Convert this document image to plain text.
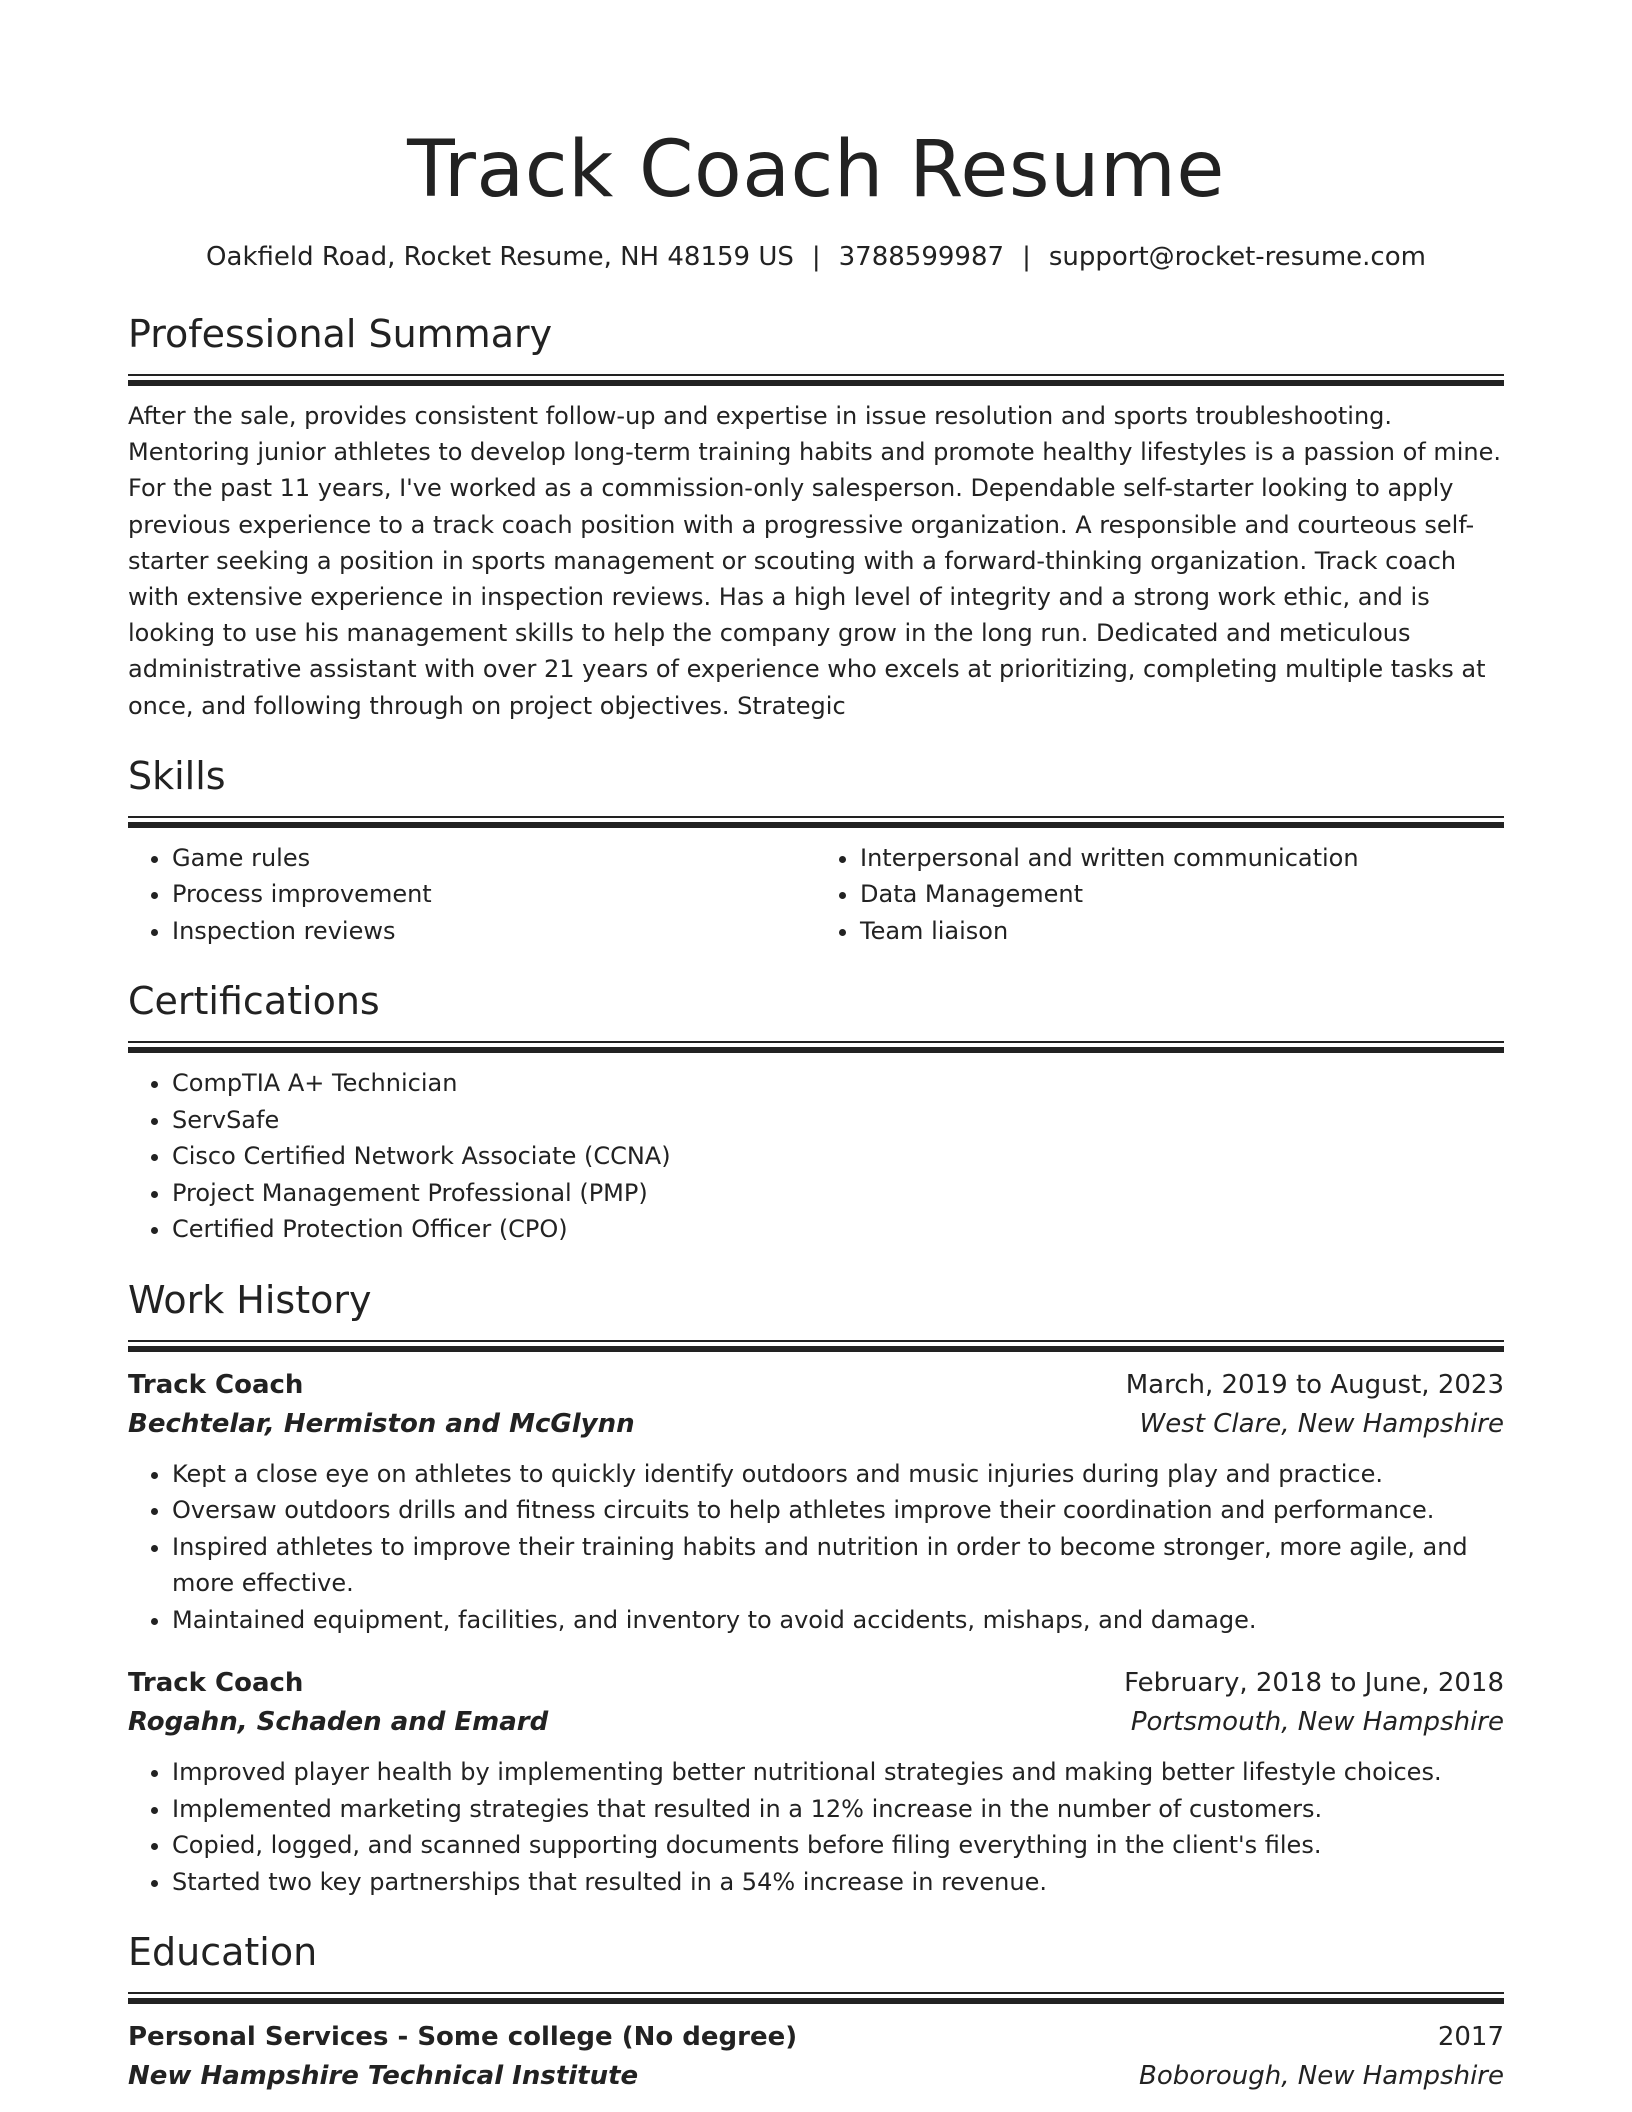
Track Coach Resume
Oakfield Road, Rocket Resume, NH 48159 US | 3788599987 | support@rocket-resume.com
Professional Summary
After the sale, provides consistent follow-up and expertise in issue resolution and sports troubleshooting. Mentoring junior athletes to develop long-term training habits and promote healthy lifestyles is a passion of mine. For the past 11 years, I've worked as a commission-only salesperson. Dependable self-starter looking to apply previous experience to a track coach position with a progressive organization. A responsible and courteous self-starter seeking a position in sports management or scouting with a forward-thinking organization. Track coach with extensive experience in inspection reviews. Has a high level of integrity and a strong work ethic, and is looking to use his management skills to help the company grow in the long run. Dedicated and meticulous administrative assistant with over 21 years of experience who excels at prioritizing, completing multiple tasks at once, and following through on project objectives. Strategic
Skills
• Game rules
• Process improvement
• Inspection reviews
• Interpersonal and written communication
• Data Management
• Team liaison
Certifications
• CompTIA A+ Technician
• ServSafe
• Cisco Certified Network Associate (CCNA)
• Project Management Professional (PMP)
• Certified Protection Officer (CPO)
Work History
Track Coach	March, 2019 to August, 2023
Bechtelar, Hermiston and McGlynn	West Clare, New Hampshire
• Kept a close eye on athletes to quickly identify outdoors and music injuries during play and practice.
• Oversaw outdoors drills and fitness circuits to help athletes improve their coordination and performance.
• Inspired athletes to improve their training habits and nutrition in order to become stronger, more agile, and more effective.
• Maintained equipment, facilities, and inventory to avoid accidents, mishaps, and damage.
Track Coach	February, 2018 to June, 2018
Rogahn, Schaden and Emard	Portsmouth, New Hampshire
• Improved player health by implementing better nutritional strategies and making better lifestyle choices.
• Implemented marketing strategies that resulted in a 12% increase in the number of customers.
• Copied, logged, and scanned supporting documents before filing everything in the client's files.
• Started two key partnerships that resulted in a 54% increase in revenue.
Education
Personal Services - Some college (No degree)	2017
New Hampshire Technical Institute	Boborough, New Hampshire
